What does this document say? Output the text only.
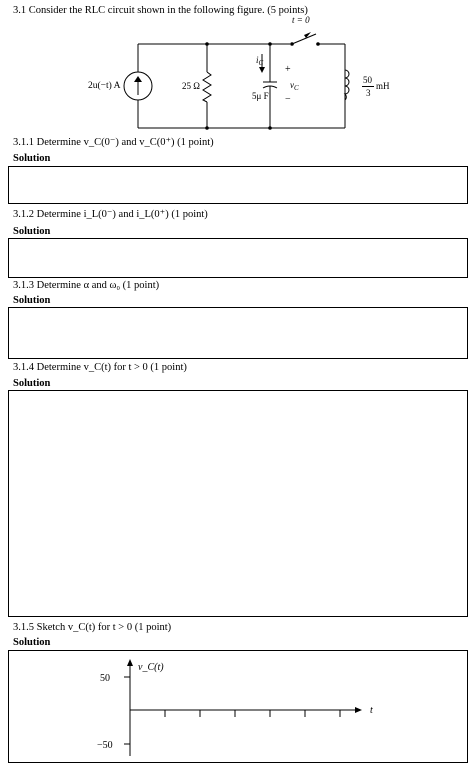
3.1 Consider the RLC circuit shown in the following figure. (5 points)
t = 0
2u(−t) A	25 Ω
5μ F
$i_C$
+
$v_C$
−
50
3
mH
3.1.1 Determine v_C(0⁻) and v_C(0⁺) (1 point)
Solution
3.1.2 Determine i_L(0⁻) and i_L(0⁺) (1 point)
Solution
3.1.3 Determine α and ω₀ (1 point)
Solution
3.1.4 Determine v_C(t) for t > 0 (1 point)
Solution
3.1.5 Sketch v_C(t) for t > 0 (1 point)
Solution
50
−50
v_C(t)
t
